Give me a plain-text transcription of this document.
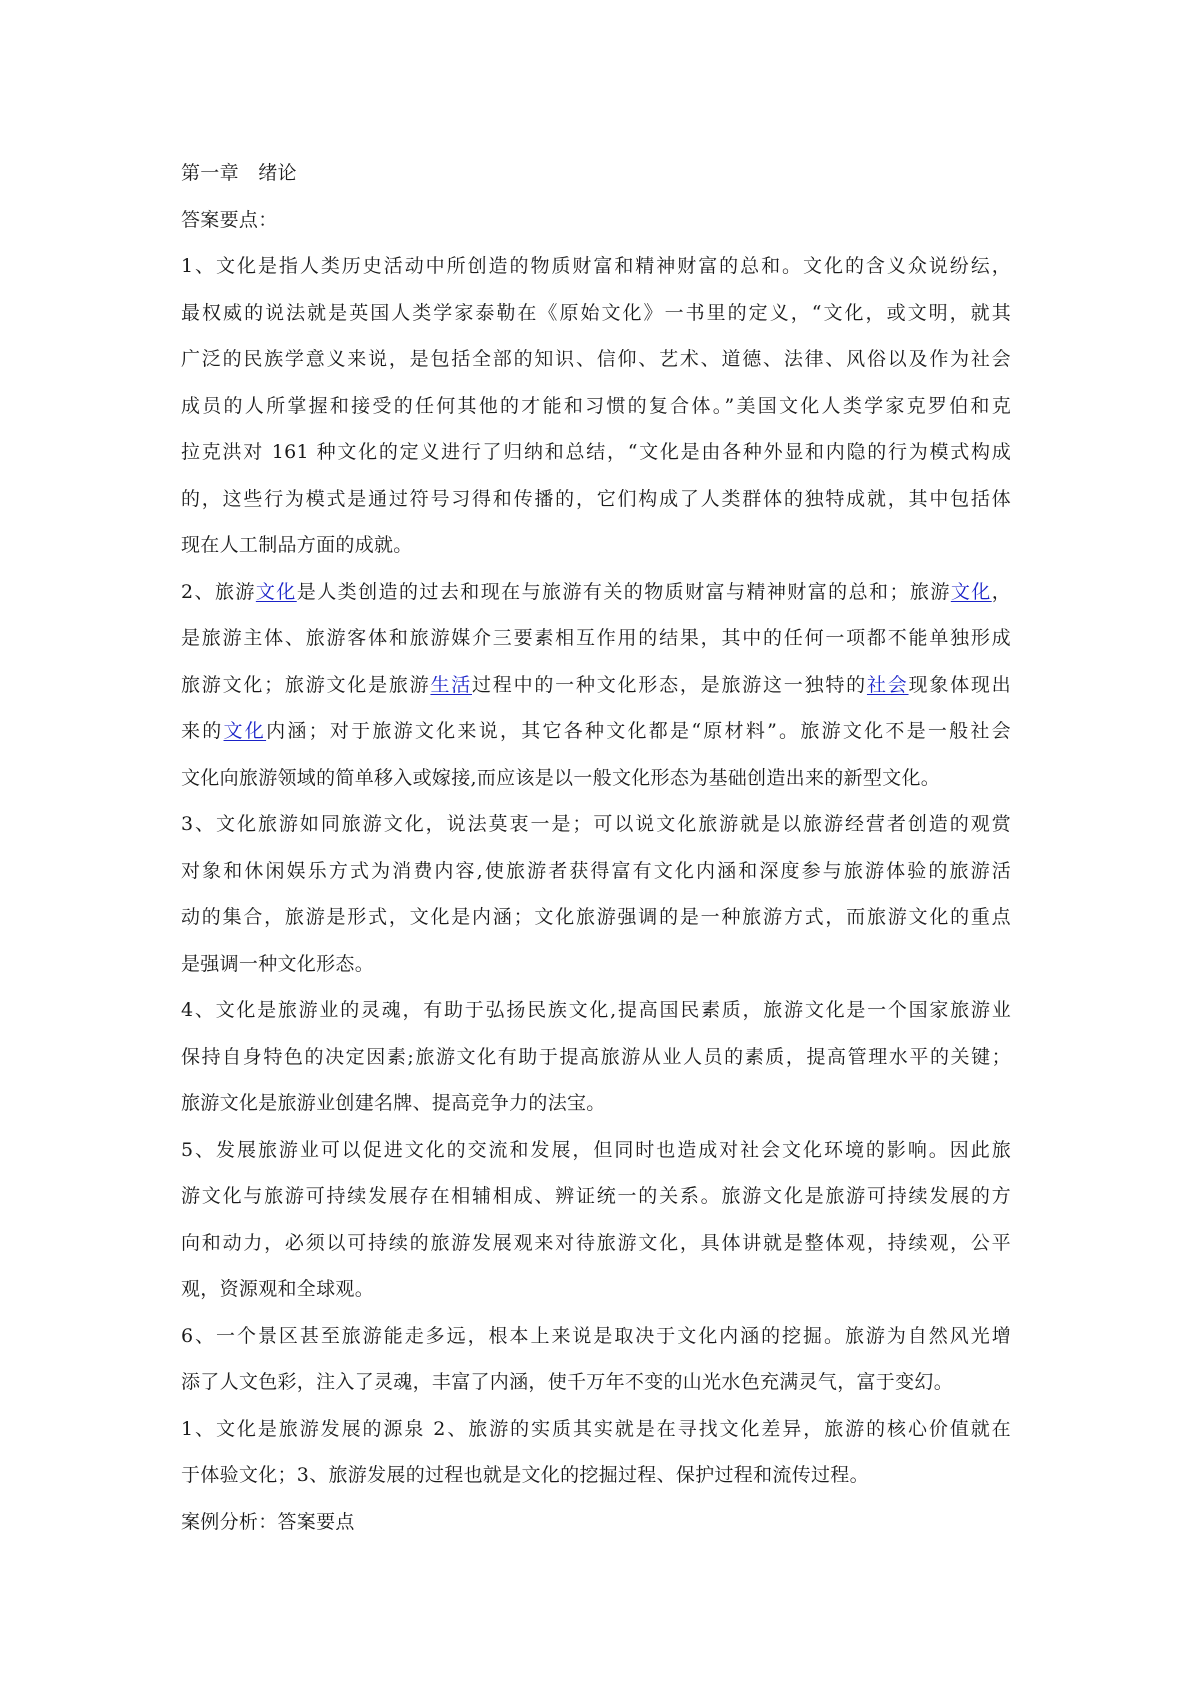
第一章　绪论
答案要点：
1、文化是指人类历史活动中所创造的物质财富和精神财富的总和。文化的含义众说纷纭，
最权威的说法就是英国人类学家泰勒在《原始文化》一书里的定义，“文化，或文明，就其
广泛的民族学意义来说，是包括全部的知识、信仰、艺术、道德、法律、风俗以及作为社会
成员的人所掌握和接受的任何其他的才能和习惯的复合体。”美国文化人类学家克罗伯和克
拉克洪对 161 种文化的定义进行了归纳和总结，“文化是由各种外显和内隐的行为模式构成
的，这些行为模式是通过符号习得和传播的，它们构成了人类群体的独特成就，其中包括体
现在人工制品方面的成就。
2、旅游文化是人类创造的过去和现在与旅游有关的物质财富与精神财富的总和；旅游文化，
是旅游主体、旅游客体和旅游媒介三要素相互作用的结果，其中的任何一项都不能单独形成
旅游文化；旅游文化是旅游生活过程中的一种文化形态，是旅游这一独特的社会现象体现出
来的文化内涵；对于旅游文化来说，其它各种文化都是“原材料”。旅游文化不是一般社会
文化向旅游领域的简单移入或嫁接,而应该是以一般文化形态为基础创造出来的新型文化。
3、文化旅游如同旅游文化，说法莫衷一是；可以说文化旅游就是以旅游经营者创造的观赏
对象和休闲娱乐方式为消费内容,使旅游者获得富有文化内涵和深度参与旅游体验的旅游活
动的集合，旅游是形式，文化是内涵；文化旅游强调的是一种旅游方式，而旅游文化的重点
是强调一种文化形态。
4、文化是旅游业的灵魂，有助于弘扬民族文化,提高国民素质，旅游文化是一个国家旅游业
保持自身特色的决定因素;旅游文化有助于提高旅游从业人员的素质，提高管理水平的关键；
旅游文化是旅游业创建名牌、提高竞争力的法宝。
5、发展旅游业可以促进文化的交流和发展，但同时也造成对社会文化环境的影响。因此旅
游文化与旅游可持续发展存在相辅相成、辨证统一的关系。旅游文化是旅游可持续发展的方
向和动力，必须以可持续的旅游发展观来对待旅游文化，具体讲就是整体观，持续观，公平
观，资源观和全球观。
6、一个景区甚至旅游能走多远，根本上来说是取决于文化内涵的挖掘。旅游为自然风光增
添了人文色彩，注入了灵魂，丰富了内涵，使千万年不变的山光水色充满灵气，富于变幻。
1、文化是旅游发展的源泉 2、旅游的实质其实就是在寻找文化差异，旅游的核心价值就在
于体验文化；3、旅游发展的过程也就是文化的挖掘过程、保护过程和流传过程。
案例分析：答案要点
